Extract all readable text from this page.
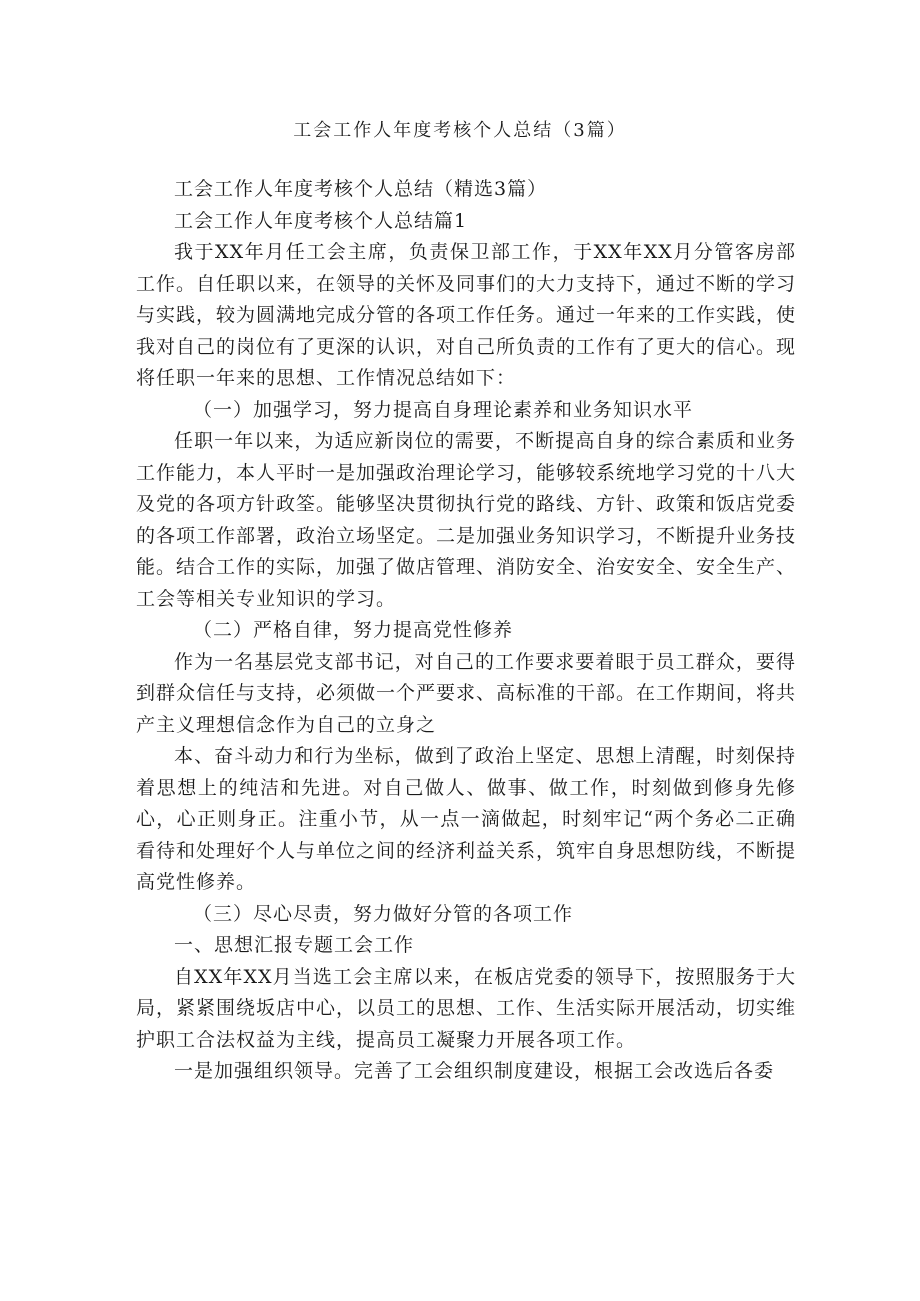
工会工作人年度考核个人总结（3篇）

工会工作人年度考核个人总结（精选3篇）

工会工作人年度考核个人总结篇1

我于XX年月任工会主席，负责保卫部工作，于XX年XX月分管客房部工作。自任职以来，在领导的关怀及同事们的大力支持下，通过不断的学习与实践，较为圆满地完成分管的各项工作任务。通过一年来的工作实践，使我对自己的岗位有了更深的认识，对自己所负责的工作有了更大的信心。现将任职一年来的思想、工作情况总结如下：

（一）加强学习，努力提高自身理论素养和业务知识水平

任职一年以来，为适应新岗位的需要，不断提高自身的综合素质和业务工作能力，本人平时一是加强政治理论学习，能够较系统地学习党的十八大及党的各项方针政筌。能够坚决贯彻执行党的路线、方针、政策和饭店党委的各项工作部署，政治立场坚定。二是加强业务知识学习，不断提升业务技能。结合工作的实际，加强了做店管理、消防安全、治安安全、安全生产、工会等相关专业知识的学习。

（二）严格自律，努力提高党性修养

作为一名基层党支部书记，对自己的工作要求要着眼于员工群众，要得到群众信任与支持，必须做一个严要求、高标准的干部。在工作期间，将共产主义理想信念作为自己的立身之

本、奋斗动力和行为坐标，做到了政治上坚定、思想上清醒，时刻保持着思想上的纯洁和先进。对自己做人、做事、做工作，时刻做到修身先修心，心正则身正。注重小节，从一点一滴做起，时刻牢记“两个务必二正确看待和处理好个人与单位之间的经济利益关系，筑牢自身思想防线，不断提高党性修养。

（三）尽心尽责，努力做好分管的各项工作

一、思想汇报专题工会工作

自XX年XX月当选工会主席以来，在板店党委的领导下，按照服务于大局，紧紧围绕坂店中心，以员工的思想、工作、生活实际开展活动，切实维护职工合法权益为主线，提高员工凝聚力开展各项工作。

一是加强组织领导。完善了工会组织制度建设，根据工会改选后各委
